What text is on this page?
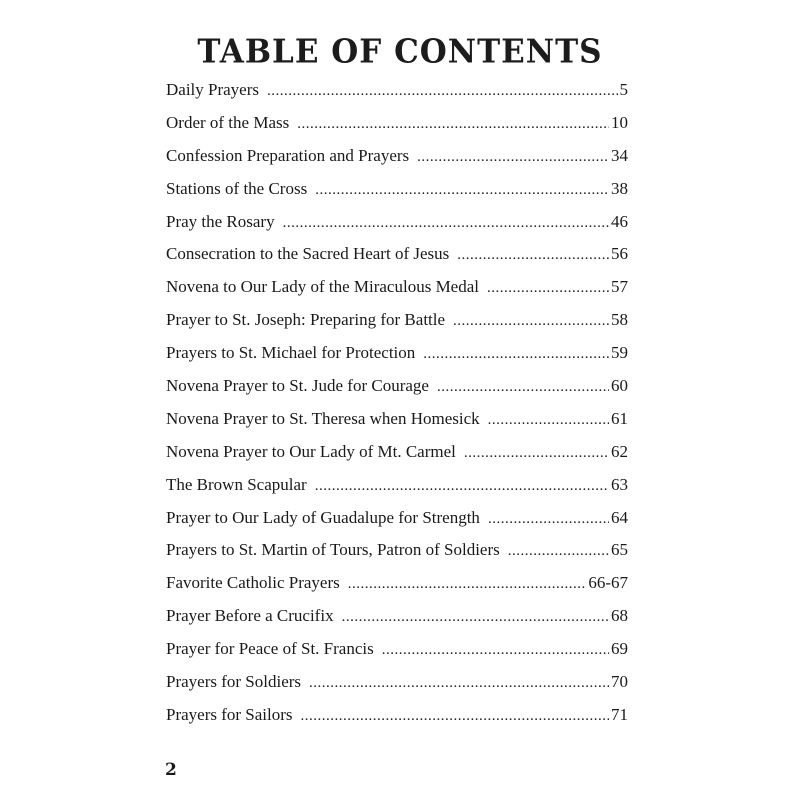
TABLE OF CONTENTS
Daily Prayers .....	5
Order of the Mass .....	10
Confession Preparation and Prayers .....	34
Stations of the Cross .....	38
Pray the Rosary .....	46
Consecration to the Sacred Heart of Jesus .....	56
Novena to Our Lady of the Miraculous Medal .....	57
Prayer to St. Joseph: Preparing for Battle .....	58
Prayers to St. Michael for Protection .....	59
Novena Prayer to St. Jude for Courage .....	60
Novena Prayer to St. Theresa when Homesick .....	61
Novena Prayer to Our Lady of Mt. Carmel .....	62
The Brown Scapular .....	63
Prayer to Our Lady of Guadalupe for Strength .....	64
Prayers to St. Martin of Tours, Patron of Soldiers .....	65
Favorite Catholic Prayers .....	66-67
Prayer Before a Crucifix .....	68
Prayer for Peace of St. Francis .....	69
Prayers for Soldiers .....	70
Prayers for Sailors .....	71
2
